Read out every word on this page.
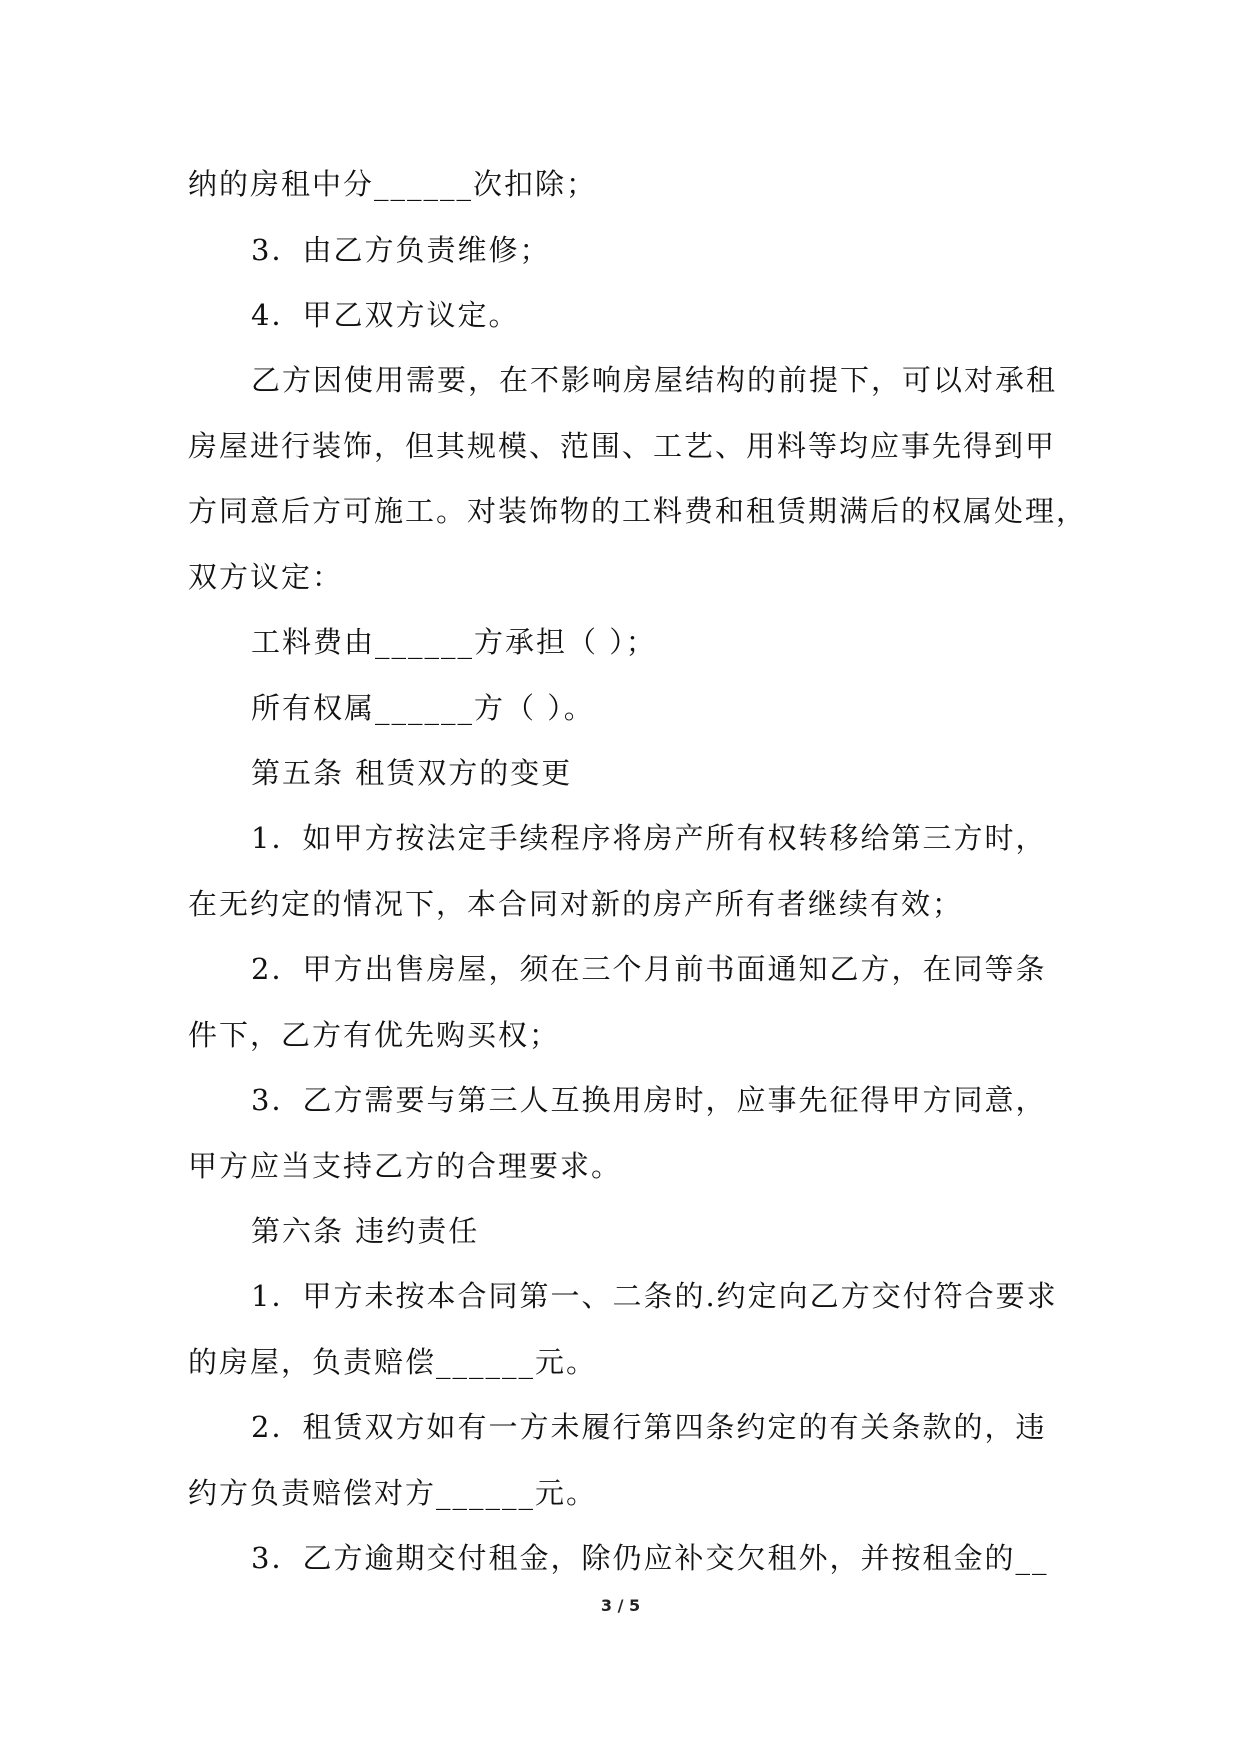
纳的房租中分______次扣除；
3．由乙方负责维修；
4．甲乙双方议定。
乙方因使用需要，在不影响房屋结构的前提下，可以对承租
房屋进行装饰，但其规模、范围、工艺、用料等均应事先得到甲
方同意后方可施工。对装饰物的工料费和租赁期满后的权属处理，
双方议定：
工料费由______方承担（ ）；
所有权属______方（ ）。
第五条 租赁双方的变更
1．如甲方按法定手续程序将房产所有权转移给第三方时，
在无约定的情况下，本合同对新的房产所有者继续有效；
2．甲方出售房屋，须在三个月前书面通知乙方，在同等条
件下，乙方有优先购买权；
3．乙方需要与第三人互换用房时，应事先征得甲方同意，
甲方应当支持乙方的合理要求。
第六条 违约责任
1．甲方未按本合同第一、二条的.约定向乙方交付符合要求
的房屋，负责赔偿______元。
2．租赁双方如有一方未履行第四条约定的有关条款的，违
约方负责赔偿对方______元。
3．乙方逾期交付租金，除仍应补交欠租外，并按租金的__
3 / 5
